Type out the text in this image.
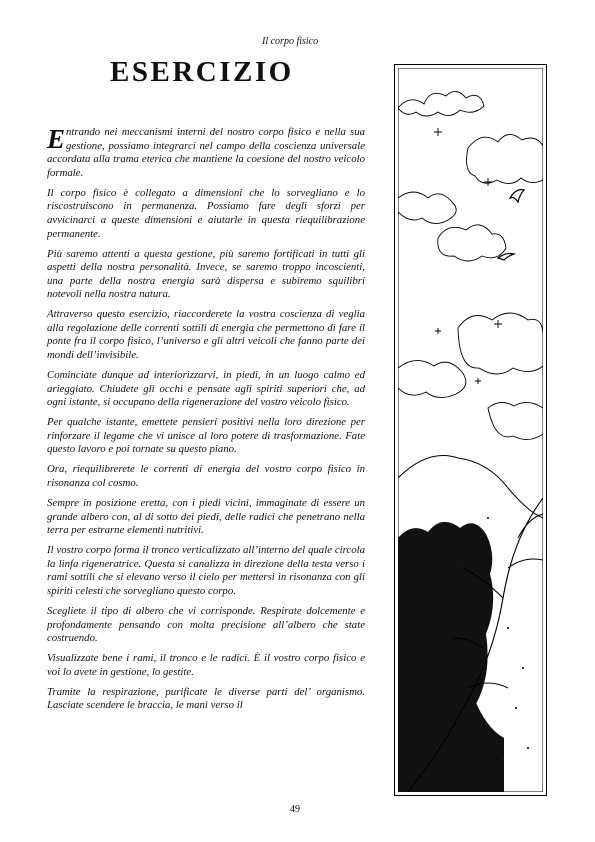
Il corpo fisico
ESERCIZIO

Entrando nei meccanismi interni del nostro corpo fisico e nella sua gestione, possiamo integrarci nel campo della coscienza universale accordata alla trama eterica che mantiene la coesione del nostro veicolo formale.

Il corpo fisico è collegato a dimensioni che lo sorvegliano e lo riscostruiscono in permanenza. Possiamo fare degli sforzi per avvicinarci a queste dimensioni e aiutarle in questa riequilibrazione permanente.

Più saremo attenti a questa gestione, più saremo fortificati in tutti gli aspetti della nostra personalità. Invece, se saremo troppo incoscienti, una parte della nostra energia sarà dispersa e subiremo squilibri notevoli nella nostra natura.

Attraverso questo esercizio, riaccorderete la vostra coscienza di veglia alla regolazione delle correnti sottili di energia che permettono di fare il ponte fra il corpo fisico, l’universo e gli altri veicoli che fanno parte dei mondi dell’invisibile.

Cominciate dunque ad interiorizzarvi, in piedi, in un luogo calmo ed arieggiato. Chiudete gli occhi e pensate agli spiriti superiori che, ad ogni istante, si occupano della rigenerazione del vostro veicolo fisico.

Per qualche istante, emettete pensieri positivi nella loro direzione per rinforzare il legame che vi unisce al loro potere di trasformazione. Fate questo lavoro e poi tornate su questo piano.

Ora, riequilibrerete le correnti di energia del vostro corpo fisico in risonanza col cosmo.

Sempre in posizione eretta, con i piedi vicini, immaginate di essere un grande albero con, al di sotto dei piedi, delle radici che penetrano nella terra per estrarne elementi nutritivi.

Il vostro corpo forma il tronco verticalizzato all’interno del quale circola la linfa rigeneratrice. Questa si canalizza in direzione della testa verso i rami sottili che si elevano verso il cielo per mettersi in risonanza con gli spiriti celesti che sorvegliano questo corpo.

Scegliete il tipo di albero che vi corrisponde. Respirate dolcemente e profondamente pensando con molta precisione all’albero che state costruendo.

Visualizzate bene i rami, il tronco e le radici. È il vostro corpo fisico e voi lo avete in gestione, lo gestite.

Tramite la respirazione, purificate le diverse parti del’ organismo. Lasciate scendere le braccia, le mani verso il

49
